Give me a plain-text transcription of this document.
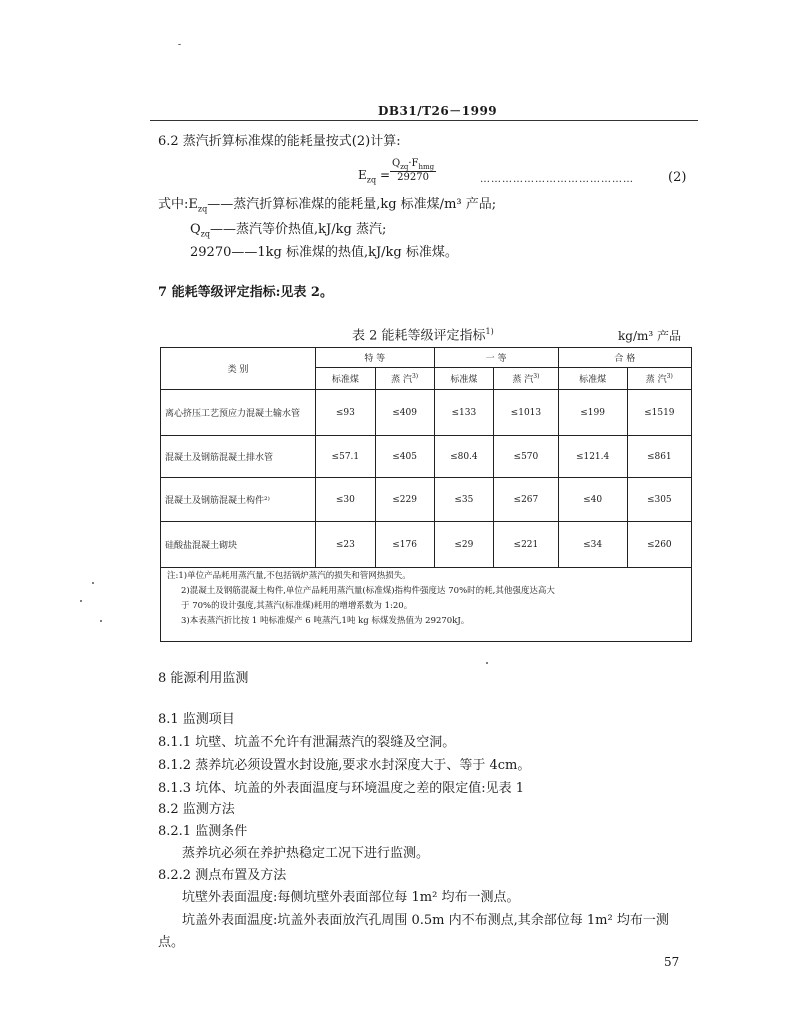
DB31/T26－1999
6.2 蒸汽折算标准煤的能耗量按式(2)计算:
$E_{zq}$ =
$Q_{zq}\cdot F_{hmg}$
29270	……………………………………	(2)
式中$:E_{zq}——$蒸汽折算标准煤的能耗量,kg 标准煤/m³ 产品;
$Q_{zq}——$蒸汽等价热值,kJ/kg 蒸汽;
29270——1kg 标准煤的热值,kJ/kg 标准煤。
7 能耗等级评定指标:见表 2。
表 2 能耗等级评定指标$^{1)}$	kg/m³ 产品
类 别	特 等		一 等		合 格	
	标准煤	蒸 汽$^{3)}$	标准煤	蒸 汽$^{3)}$	标准煤	蒸 汽$^{3)}$
离心挤压工艺预应力混凝土输水管	≤93	≤409	≤133	≤1013	≤199	≤1519
混凝土及钢筋混凝土排水管	≤57.1	≤405	≤80.4	≤570	≤121.4	≤861
混凝土及钢筋混凝土构件²⁾	≤30	≤229	≤35	≤267	≤40	≤305
硅酸盐混凝土砌块	≤23	≤176	≤29	≤221	≤34	≤260
注:1)单位产品耗用蒸汽量,不包括锅炉蒸汽的损失和管网热损失。
2)混凝土及钢筋混凝土构件,单位产品耗用蒸汽量(标准煤)指构件强度达 70%时的耗,其他强度达高大
于 70%的设计强度,其蒸汽(标准煤)耗用的增增系数为 1:20。
3)本表蒸汽折比按 1 吨标准煤产 6 吨蒸汽,1吨 kg 标煤发热值为 29270kJ。
8 能源利用监测
8.1 监测项目
8.1.1 坑壁、坑盖不允许有泄漏蒸汽的裂缝及空洞。
8.1.2 蒸养坑必须设置水封设施,要求水封深度大于、等于 4cm。
8.1.3 坑体、坑盖的外表面温度与环境温度之差的限定值:见表 1
8.2 监测方法
8.2.1 监测条件
蒸养坑必须在养护热稳定工况下进行监测。
8.2.2 测点布置及方法
坑壁外表面温度:每侧坑壁外表面部位每 1m² 均布一测点。
坑盖外表面温度:坑盖外表面放汽孔周围 0.5m 内不布测点,其余部位每 1m² 均布一测
点。
57
